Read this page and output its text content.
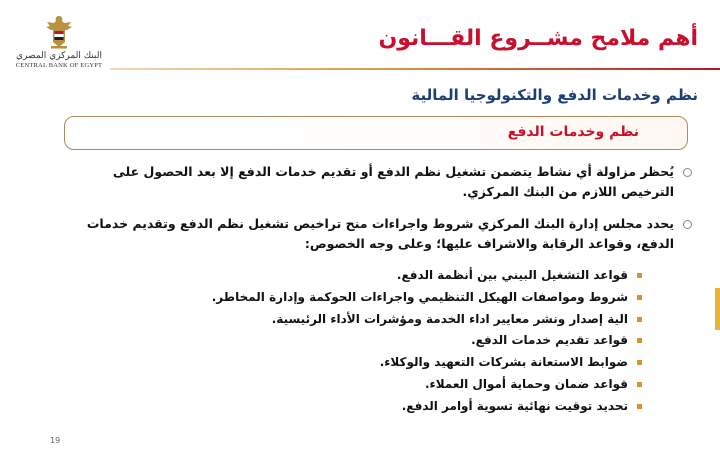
البنك المركزي المصري
CENTRAL BANK OF EGYPT
أهم ملامح مشــروع القـــانون
نظم وخدمات الدفع والتكنولوجيا المالية
نظم وخدمات الدفع

يُحظر مزاولة أي نشاط يتضمن تشغيل نظم الدفع أو تقديم خدمات الدفع إلا بعد الحصول على الترخيص اللازم من البنك المركزي.

يحدد مجلس إدارة البنك المركزي شروط واجراءات منح تراخيص تشغيل نظم الدفع وتقديم خدمات الدفع، وقواعد الرقابة والاشراف عليها؛ وعلى وجه الخصوص:

قواعد التشغيل البيني بين أنظمة الدفع.
شروط ومواصفات الهيكل التنظيمي واجراءات الحوكمة وإدارة المخاطر.
الية إصدار ونشر معايير اداء الخدمة ومؤشرات الأداء الرئيسية.
قواعد تقديم خدمات الدفع.
ضوابط الاستعانة بشركات التعهيد والوكلاء.
قواعد ضمان وحماية أموال العملاء.
تحديد توقيت نهائية تسوية أوامر الدفع.
19
